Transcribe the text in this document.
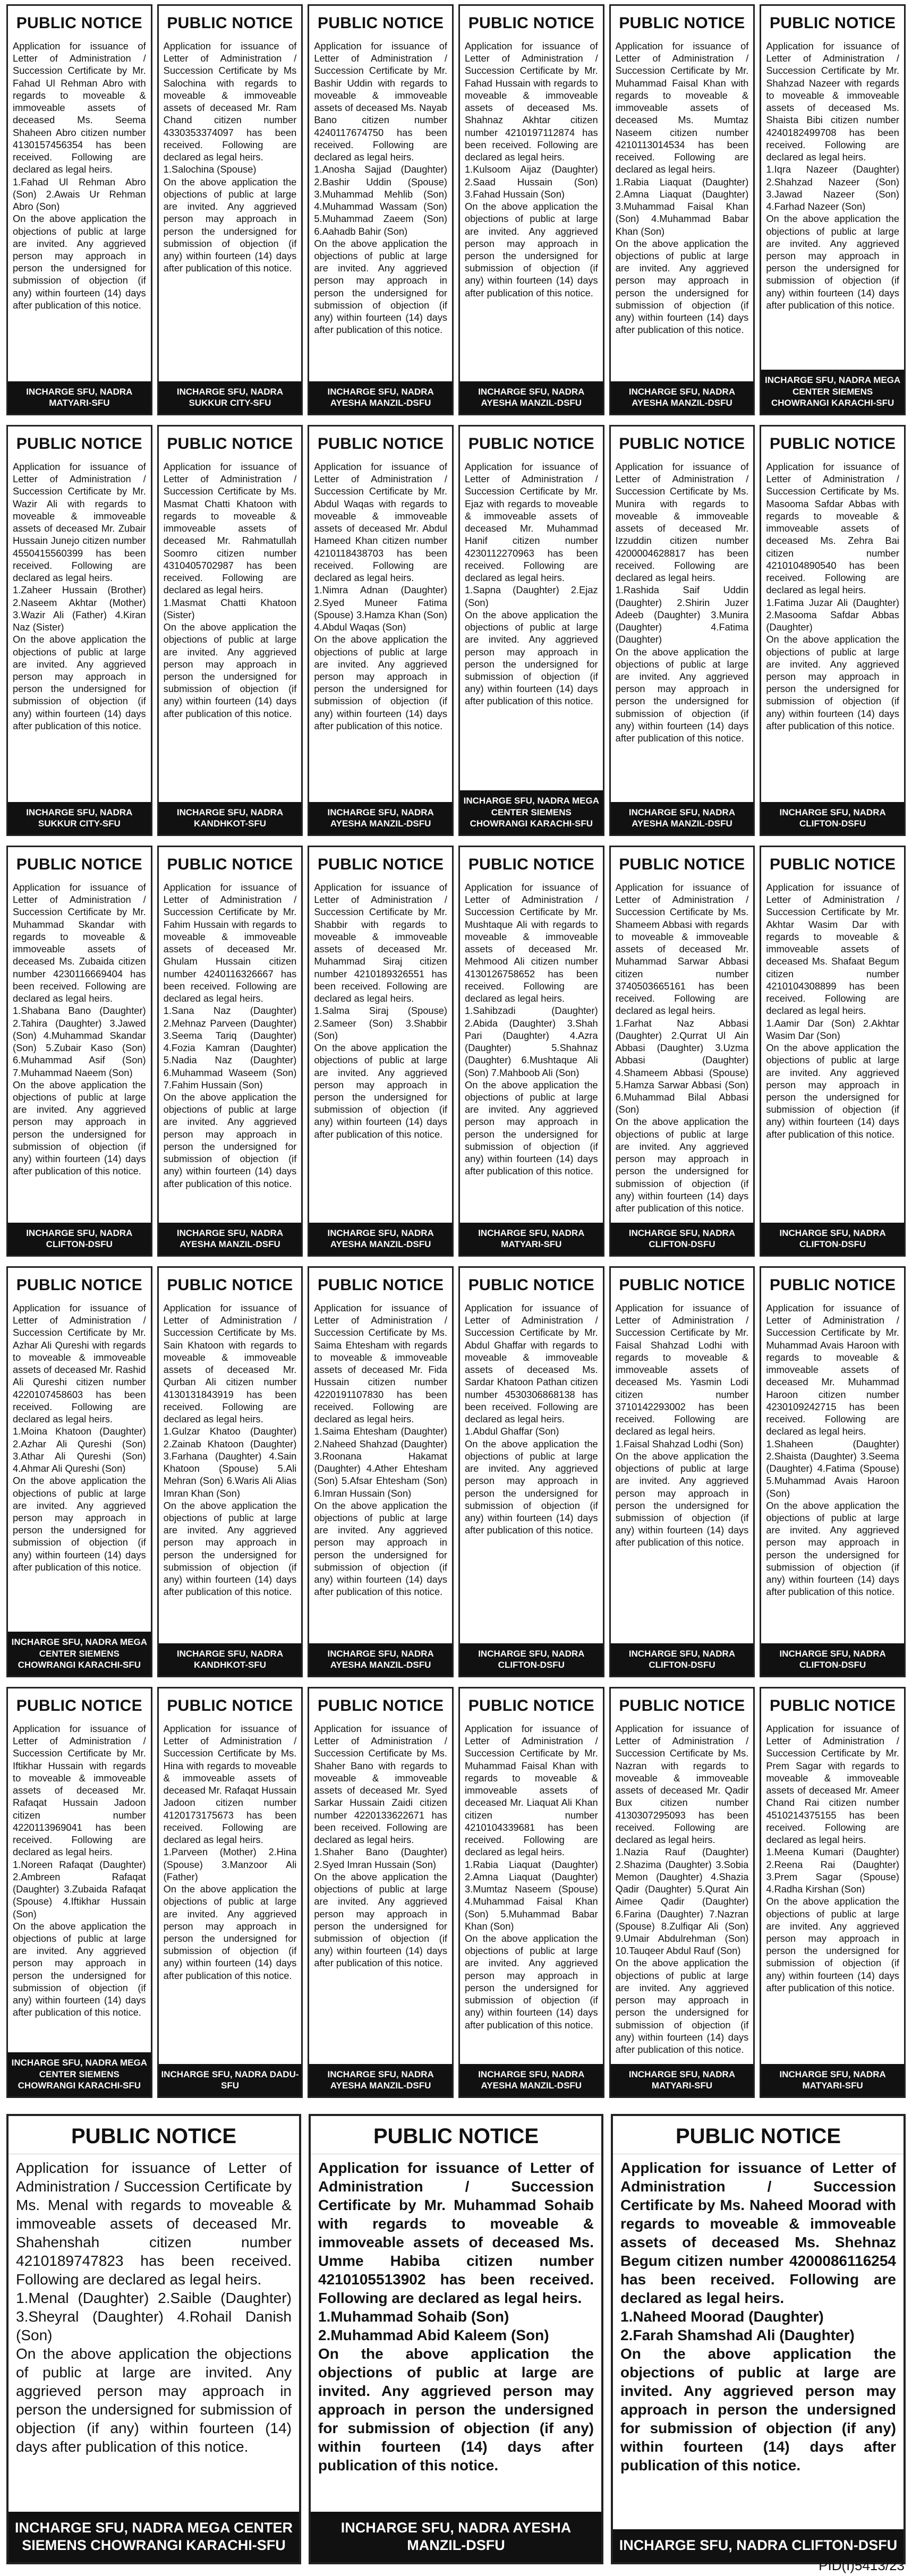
PUBLIC NOTICE
Application for issuance of Letter of Administration / Succession Certificate by Mr. Fahad Ul Rehman Abro with regards to moveable & immoveable assets of deceased Ms. Seema Shaheen Abro citizen number 4130157456354 has been received. Following are declared as legal heirs.
1.Fahad Ul Rehman Abro (Son) 2.Awais Ur Rehman Abro (Son)
On the above application the objections of public at large are invited. Any aggrieved person may approach in person the undersigned for submission of objection (if any) within fourteen (14) days after publication of this notice.
INCHARGE SFU, NADRA MATYARI-SFU
PUBLIC NOTICE
Application for issuance of Letter of Administration / Succession Certificate by Ms Salochina with regards to moveable & immoveable assets of deceased Mr. Ram Chand citizen number 4330353374097 has been received. Following are declared as legal heirs.
1.Salochina (Spouse)
On the above application the objections of public at large are invited. Any aggrieved person may approach in person the undersigned for submission of objection (if any) within fourteen (14) days after publication of this notice.
INCHARGE SFU, NADRA SUKKUR CITY-SFU
PUBLIC NOTICE
Application for issuance of Letter of Administration / Succession Certificate by Mr. Bashir Uddin with regards to moveable & immoveable assets of deceased Ms. Nayab Bano citizen number 4240117674750 has been received. Following are declared as legal heirs.
1.Anosha Sajjad (Daughter) 2.Bashir Uddin (Spouse) 3.Muhammad Mehlib (Son) 4.Muhammad Wassam (Son) 5.Muhammad Zaeem (Son) 6.Aahadb Bahir (Son)
On the above application the objections of public at large are invited. Any aggrieved person may approach in person the undersigned for submission of objection (if any) within fourteen (14) days after publication of this notice.
INCHARGE SFU, NADRA AYESHA MANZIL-DSFU
PUBLIC NOTICE
Application for issuance of Letter of Administration / Succession Certificate by Mr. Fahad Hussain with regards to moveable & immoveable assets of deceased Ms. Shahnaz Akhtar citizen number 4210197112874 has been received. Following are declared as legal heirs.
1.Kulsoom Aijaz (Daughter) 2.Saad Hussain (Son) 3.Fahad Hussain (Son)
On the above application the objections of public at large are invited. Any aggrieved person may approach in person the undersigned for submission of objection (if any) within fourteen (14) days after publication of this notice.
INCHARGE SFU, NADRA AYESHA MANZIL-DSFU
PUBLIC NOTICE
Application for issuance of Letter of Administration / Succession Certificate by Mr. Muhammad Faisal Khan with regards to moveable & immoveable assets of deceased Ms. Mumtaz Naseem citizen number 4210113014534 has been received. Following are declared as legal heirs.
1.Rabia Liaquat (Daughter) 2.Amna Liaquat (Daughter) 3.Muhammad Faisal Khan (Son) 4.Muhammad Babar Khan (Son)
On the above application the objections of public at large are invited. Any aggrieved person may approach in person the undersigned for submission of objection (if any) within fourteen (14) days after publication of this notice.
INCHARGE SFU, NADRA AYESHA MANZIL-DSFU
PUBLIC NOTICE
Application for issuance of Letter of Administration / Succession Certificate by Mr. Shahzad Nazeer with regards to moveable & immoveable assets of deceased Ms. Shaista Bibi citizen number 4240182499708 has been received. Following are declared as legal heirs.
1.Iqra Nazeer (Daughter) 2.Shahzad Nazeer (Son) 3.Jawad Nazeer (Son) 4.Farhad Nazeer (Son)
On the above application the objections of public at large are invited. Any aggrieved person may approach in person the undersigned for submission of objection (if any) within fourteen (14) days after publication of this notice.
INCHARGE SFU, NADRA MEGA CENTER SIEMENS CHOWRANGI KARACHI-SFU
PUBLIC NOTICE
Application for issuance of Letter of Administration / Succession Certificate by Mr. Wazir Ali with regards to moveable & immoveable assets of deceased Mr. Zubair Hussain Junejo citizen number 4550415560399 has been received. Following are declared as legal heirs.
1.Zaheer Hussain (Brother) 2.Naseem Akhtar (Mother) 3.Wazir Ali (Father) 4.Kiran Naz (Sister)
On the above application the objections of public at large are invited. Any aggrieved person may approach in person the undersigned for submission of objection (if any) within fourteen (14) days after publication of this notice.
INCHARGE SFU, NADRA SUKKUR CITY-SFU
PUBLIC NOTICE
Application for issuance of Letter of Administration / Succession Certificate by Ms. Masmat Chatti Khatoon with regards to moveable & immoveable assets of deceased Mr. Rahmatullah Soomro citizen number 4310405702987 has been received. Following are declared as legal heirs.
1.Masmat Chatti Khatoon (Sister)
On the above application the objections of public at large are invited. Any aggrieved person may approach in person the undersigned for submission of objection (if any) within fourteen (14) days after publication of this notice.
INCHARGE SFU, NADRA KANDHKOT-SFU
PUBLIC NOTICE
Application for issuance of Letter of Administration / Succession Certificate by Mr. Abdul Waqas with regards to moveable & immoveable assets of deceased Mr. Abdul Hameed Khan citizen number 4210118438703 has been received. Following are declared as legal heirs.
1.Nimra Adnan (Daughter) 2.Syed Muneer Fatima (Spouse) 3.Hamza Khan (Son) 4.Abdul Waqas (Son)
On the above application the objections of public at large are invited. Any aggrieved person may approach in person the undersigned for submission of objection (if any) within fourteen (14) days after publication of this notice.
INCHARGE SFU, NADRA AYESHA MANZIL-DSFU
PUBLIC NOTICE
Application for issuance of Letter of Administration / Succession Certificate by Mr. Ejaz with regards to moveable & immoveable assets of deceased Mr. Muhammad Hanif citizen number 4230112270963 has been received. Following are declared as legal heirs.
1.Sapna (Daughter) 2.Ejaz (Son)
On the above application the objections of public at large are invited. Any aggrieved person may approach in person the undersigned for submission of objection (if any) within fourteen (14) days after publication of this notice.
INCHARGE SFU, NADRA MEGA CENTER SIEMENS CHOWRANGI KARACHI-SFU
PUBLIC NOTICE
Application for issuance of Letter of Administration / Succession Certificate by Ms. Munira with regards to moveable & immoveable assets of deceased Mr. Izzuddin citizen number 4200004628817 has been received. Following are declared as legal heirs.
1.Rashida Saif Uddin (Daughter) 2.Shirin Juzer Adeeb (Daughter) 3.Munira (Daughter) 4.Fatima (Daughter)
On the above application the objections of public at large are invited. Any aggrieved person may approach in person the undersigned for submission of objection (if any) within fourteen (14) days after publication of this notice.
INCHARGE SFU, NADRA AYESHA MANZIL-DSFU
PUBLIC NOTICE
Application for issuance of Letter of Administration / Succession Certificate by Ms. Masooma Safdar Abbas with regards to moveable & immoveable assets of deceased Ms. Zehra Bai citizen number 4210104890540 has been received. Following are declared as legal heirs.
1.Fatima Juzar Ali (Daughter) 2.Masooma Safdar Abbas (Daughter)
On the above application the objections of public at large are invited. Any aggrieved person may approach in person the undersigned for submission of objection (if any) within fourteen (14) days after publication of this notice.
INCHARGE SFU, NADRA CLIFTON-DSFU
PUBLIC NOTICE
Application for issuance of Letter of Administration / Succession Certificate by Mr. Muhammad Skandar with regards to moveable & immoveable assets of deceased Ms. Zubaida citizen number 4230116669404 has been received. Following are declared as legal heirs.
1.Shabana Bano (Daughter) 2.Tahira (Daughter) 3.Jawed (Son) 4.Muhammad Skandar (Son) 5.Zubair Kaso (Son) 6.Muhammad Asif (Son) 7.Muhammad Naeem (Son)
On the above application the objections of public at large are invited. Any aggrieved person may approach in person the undersigned for submission of objection (if any) within fourteen (14) days after publication of this notice.
INCHARGE SFU, NADRA CLIFTON-DSFU
PUBLIC NOTICE
Application for issuance of Letter of Administration / Succession Certificate by Mr. Fahim Hussain with regards to moveable & immoveable assets of deceased Mr. Ghulam Hussain citizen number 4240116326667 has been received. Following are declared as legal heirs.
1.Sana Naz (Daughter) 2.Mehnaz Parveen (Daughter) 3.Seema Tariq (Daughter) 4.Fozia Kamran (Daughter) 5.Nadia Naz (Daughter) 6.Muhammad Waseem (Son) 7.Fahim Hussain (Son)
On the above application the objections of public at large are invited. Any aggrieved person may approach in person the undersigned for submission of objection (if any) within fourteen (14) days after publication of this notice.
INCHARGE SFU, NADRA AYESHA MANZIL-DSFU
PUBLIC NOTICE
Application for issuance of Letter of Administration / Succession Certificate by Mr. Shabbir with regards to moveable & immoveable assets of deceased Mr. Muhammad Siraj citizen number 4210189326551 has been received. Following are declared as legal heirs.
1.Salma Siraj (Spouse) 2.Sameer (Son) 3.Shabbir (Son)
On the above application the objections of public at large are invited. Any aggrieved person may approach in person the undersigned for submission of objection (if any) within fourteen (14) days after publication of this notice.
INCHARGE SFU, NADRA AYESHA MANZIL-DSFU
PUBLIC NOTICE
Application for issuance of Letter of Administration / Succession Certificate by Mr. Mushtaque Ali with regards to moveable & immoveable assets of deceased Mr. Mehmood Ali citizen number 4130126758652 has been received. Following are declared as legal heirs.
1.Sahibzadi (Daughter) 2.Abida (Daughter) 3.Shah Pari (Daughter) 4.Azra (Daughter) 5.Shahnaz (Daughter) 6.Mushtaque Ali (Son) 7.Mahboob Ali (Son)
On the above application the objections of public at large are invited. Any aggrieved person may approach in person the undersigned for submission of objection (if any) within fourteen (14) days after publication of this notice.
INCHARGE SFU, NADRA MATYARI-SFU
PUBLIC NOTICE
Application for issuance of Letter of Administration / Succession Certificate by Ms. Shameem Abbasi with regards to moveable & immoveable assets of deceased Mr. Muhammad Sarwar Abbasi citizen number 3740503665161 has been received. Following are declared as legal heirs.
1.Farhat Naz Abbasi (Daughter) 2.Qurrat Ul Ain Abbasi (Daughter) 3.Uzma Abbasi (Daughter) 4.Shameem Abbasi (Spouse) 5.Hamza Sarwar Abbasi (Son) 6.Muhammad Bilal Abbasi (Son)
On the above application the objections of public at large are invited. Any aggrieved person may approach in person the undersigned for submission of objection (if any) within fourteen (14) days after publication of this notice.
INCHARGE SFU, NADRA CLIFTON-DSFU
PUBLIC NOTICE
Application for issuance of Letter of Administration / Succession Certificate by Mr. Akhtar Wasim Dar with regards to moveable & immoveable assets of deceased Ms. Shafaat Begum citizen number 4210104308899 has been received. Following are declared as legal heirs.
1.Aamir Dar (Son) 2.Akhtar Wasim Dar (Son)
On the above application the objections of public at large are invited. Any aggrieved person may approach in person the undersigned for submission of objection (if any) within fourteen (14) days after publication of this notice.
INCHARGE SFU, NADRA CLIFTON-DSFU
PUBLIC NOTICE
Application for issuance of Letter of Administration / Succession Certificate by Mr. Azhar Ali Qureshi with regards to moveable & immoveable assets of deceased Mr. Rashid Ali Qureshi citizen number 4220107458603 has been received. Following are declared as legal heirs.
1.Moina Khatoon (Daughter) 2.Azhar Ali Qureshi (Son) 3.Athar Ali Qureshi (Son) 4.Ahmar Ali Qureshi (Son)
On the above application the objections of public at large are invited. Any aggrieved person may approach in person the undersigned for submission of objection (if any) within fourteen (14) days after publication of this notice.
INCHARGE SFU, NADRA MEGA CENTER SIEMENS CHOWRANGI KARACHI-SFU
PUBLIC NOTICE
Application for issuance of Letter of Administration / Succession Certificate by Ms. Sain Khatoon with regards to moveable & immoveable assets of deceased Mr. Qurban Ali citizen number 4130131843919 has been received. Following are declared as legal heirs.
1.Gulzar Khatoo (Daughter) 2.Zainab Khatoon (Daughter) 3.Farhana (Daughter) 4.Sain Khatoon (Spouse) 5.Ali Mehran (Son) 6.Waris Ali Alias Imran Khan (Son)
On the above application the objections of public at large are invited. Any aggrieved person may approach in person the undersigned for submission of objection (if any) within fourteen (14) days after publication of this notice.
INCHARGE SFU, NADRA KANDHKOT-SFU
PUBLIC NOTICE
Application for issuance of Letter of Administration / Succession Certificate by Ms. Saima Ehtesham with regards to moveable & immoveable assets of deceased Mr. Fida Hussain citizen number 4220191107830 has been received. Following are declared as legal heirs.
1.Saima Ehtesham (Daughter) 2.Naheed Shahzad (Daughter) 3.Roonana Hakamat (Daughter) 4.Ather Ehtesham (Son) 5.Afsar Ehtesham (Son) 6.Imran Hussain (Son)
On the above application the objections of public at large are invited. Any aggrieved person may approach in person the undersigned for submission of objection (if any) within fourteen (14) days after publication of this notice.
INCHARGE SFU, NADRA AYESHA MANZIL-DSFU
PUBLIC NOTICE
Application for issuance of Letter of Administration / Succession Certificate by Mr. Abdul Ghaffar with regards to moveable & immoveable assets of deceased Ms. Sardar Khatoon Pathan citizen number 4530306868138 has been received. Following are declared as legal heirs.
1.Abdul Ghaffar (Son)
On the above application the objections of public at large are invited. Any aggrieved person may approach in person the undersigned for submission of objection (if any) within fourteen (14) days after publication of this notice.
INCHARGE SFU, NADRA CLIFTON-DSFU
PUBLIC NOTICE
Application for issuance of Letter of Administration / Succession Certificate by Mr. Faisal Shahzad Lodhi with regards to moveable & immoveable assets of deceased Ms. Yasmin Lodi citizen number 3710142293002 has been received. Following are declared as legal heirs.
1.Faisal Shahzad Lodhi (Son)
On the above application the objections of public at large are invited. Any aggrieved person may approach in person the undersigned for submission of objection (if any) within fourteen (14) days after publication of this notice.
INCHARGE SFU, NADRA CLIFTON-DSFU
PUBLIC NOTICE
Application for issuance of Letter of Administration / Succession Certificate by Mr. Muhammad Avais Haroon with regards to moveable & immoveable assets of deceased Mr. Muhammad Haroon citizen number 4230109242715 has been received. Following are declared as legal heirs.
1.Shaheen (Daughter) 2.Shaista (Daughter) 3.Seema (Daughter) 4.Fatima (Spouse) 5.Muhammad Avais Haroon (Son)
On the above application the objections of public at large are invited. Any aggrieved person may approach in person the undersigned for submission of objection (if any) within fourteen (14) days after publication of this notice.
INCHARGE SFU, NADRA CLIFTON-DSFU
PUBLIC NOTICE
Application for issuance of Letter of Administration / Succession Certificate by Mr. Iftikhar Hussain with regards to moveable & immoveable assets of deceased Mr. Rafaqat Hussain Jadoon citizen number 4220113969041 has been received. Following are declared as legal heirs.
1.Noreen Rafaqat (Daughter) 2.Ambreen Rafaqat (Daughter) 3.Zubaida Rafaqat (Spouse) 4.Iftikhar Hussain (Son)
On the above application the objections of public at large are invited. Any aggrieved person may approach in person the undersigned for submission of objection (if any) within fourteen (14) days after publication of this notice.
INCHARGE SFU, NADRA MEGA CENTER SIEMENS CHOWRANGI KARACHI-SFU
PUBLIC NOTICE
Application for issuance of Letter of Administration / Succession Certificate by Ms. Hina with regards to moveable & immoveable assets of deceased Mr. Rafaqat Hussain Jadoon citizen number 4120173175673 has been received. Following are declared as legal heirs.
1.Parveen (Mother) 2.Hina (Spouse) 3.Manzoor Ali (Father)
On the above application the objections of public at large are invited. Any aggrieved person may approach in person the undersigned for submission of objection (if any) within fourteen (14) days after publication of this notice.
INCHARGE SFU, NADRA DADU-SFU
PUBLIC NOTICE
Application for issuance of Letter of Administration / Succession Certificate by Ms. Shaher Bano with regards to moveable & immoveable assets of deceased Mr. Syed Sarkar Hussain Zaidi citizen number 4220133622671 has been received. Following are declared as legal heirs.
1.Shaher Bano (Daughter) 2.Syed Imran Hussain (Son)
On the above application the objections of public at large are invited. Any aggrieved person may approach in person the undersigned for submission of objection (if any) within fourteen (14) days after publication of this notice.
INCHARGE SFU, NADRA AYESHA MANZIL-DSFU
PUBLIC NOTICE
Application for issuance of Letter of Administration / Succession Certificate by Mr. Muhammad Faisal Khan with regards to moveable & immoveable assets of deceased Mr. Liaquat Ali Khan citizen number 4210104339681 has been received. Following are declared as legal heirs.
1.Rabia Liaquat (Daughter) 2.Amna Liaquat (Daughter) 3.Mumtaz Naseem (Spouse) 4.Muhammad Faisal Khan (Son) 5.Muhammad Babar Khan (Son)
On the above application the objections of public at large are invited. Any aggrieved person may approach in person the undersigned for submission of objection (if any) within fourteen (14) days after publication of this notice.
INCHARGE SFU, NADRA AYESHA MANZIL-DSFU
PUBLIC NOTICE
Application for issuance of Letter of Administration / Succession Certificate by Ms. Nazran with regards to moveable & immoveable assets of deceased Mr. Qadir Bux citizen number 4130307295093 has been received. Following are declared as legal heirs.
1.Nazia Rauf (Daughter) 2.Shazima (Daughter) 3.Sobia Memon (Daughter) 4.Shazia Qadir (Daughter) 5.Qurat Ain Aimee Qadir (Daughter) 6.Farina (Daughter) 7.Nazran (Spouse) 8.Zulfiqar Ali (Son) 9.Umair Abdulrehman (Son) 10.Tauqeer Abdul Rauf (Son)
On the above application the objections of public at large are invited. Any aggrieved person may approach in person the undersigned for submission of objection (if any) within fourteen (14) days after publication of this notice.
INCHARGE SFU, NADRA MATYARI-SFU
PUBLIC NOTICE
Application for issuance of Letter of Administration / Succession Certificate by Mr. Prem Sagar with regards to moveable & immoveable assets of deceased Mr. Ameer Chand Rai citizen number 4510214375155 has been received. Following are declared as legal heirs.
1.Meena Kumari (Daughter) 2.Reena Rai (Daughter) 3.Prem Sagar (Spouse) 4.Radha Kirshan (Son)
On the above application the objections of public at large are invited. Any aggrieved person may approach in person the undersigned for submission of objection (if any) within fourteen (14) days after publication of this notice.
INCHARGE SFU, NADRA MATYARI-SFU
PUBLIC NOTICE
Application for issuance of Letter of Administration / Succession Certificate by Ms. Menal with regards to moveable & immoveable assets of deceased Mr. Shahenshah citizen number 4210189747823 has been received. Following are declared as legal heirs.
1.Menal (Daughter) 2.Saible (Daughter) 3.Sheyral (Daughter) 4.Rohail Danish (Son)
On the above application the objections of public at large are invited. Any aggrieved person may approach in person the undersigned for submission of objection (if any) within fourteen (14) days after publication of this notice.
INCHARGE SFU, NADRA MEGA CENTER SIEMENS CHOWRANGI KARACHI-SFU
PUBLIC NOTICE
Application for issuance of Letter of Administration / Succession Certificate by Mr. Muhammad Sohaib with regards to moveable & immoveable assets of deceased Ms. Umme Habiba citizen number 4210105513902 has been received. Following are declared as legal heirs.
1.Muhammad Sohaib (Son)
2.Muhammad Abid Kaleem (Son)
On the above application the objections of public at large are invited. Any aggrieved person may approach in person the undersigned for submission of objection (if any) within fourteen (14) days after publication of this notice.
INCHARGE SFU, NADRA AYESHA MANZIL-DSFU
PUBLIC NOTICE
Application for issuance of Letter of Administration / Succession Certificate by Ms. Naheed Moorad with regards to moveable & immoveable assets of deceased Ms. Shehnaz Begum citizen number 4200086116254 has been received. Following are declared as legal heirs.
1.Naheed Moorad (Daughter)
2.Farah Shamshad Ali (Daughter)
On the above application the objections of public at large are invited. Any aggrieved person may approach in person the undersigned for submission of objection (if any) within fourteen (14) days after publication of this notice.
INCHARGE SFU, NADRA CLIFTON-DSFU
PID(I)5413/23
